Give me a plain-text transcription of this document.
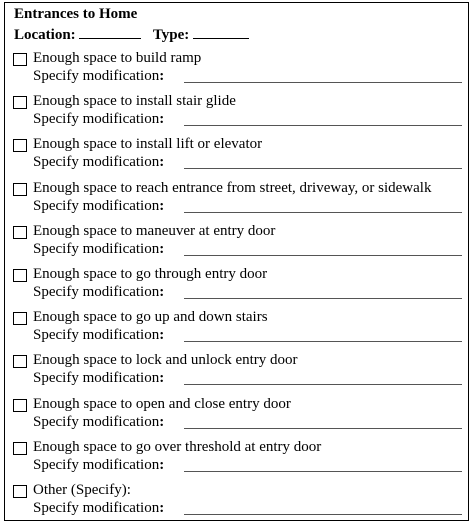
Entrances to Home
Location:	Type:
Enough space to build ramp
Specify modification:
Enough space to install stair glide
Specify modification:
Enough space to install lift or elevator
Specify modification:
Enough space to reach entrance from street, driveway, or sidewalk
Specify modification:
Enough space to maneuver at entry door
Specify modification:
Enough space to go through entry door
Specify modification:
Enough space to go up and down stairs
Specify modification:
Enough space to lock and unlock entry door
Specify modification:
Enough space to open and close entry door
Specify modification:
Enough space to go over threshold at entry door
Specify modification:
Other (Specify):
Specify modification:
